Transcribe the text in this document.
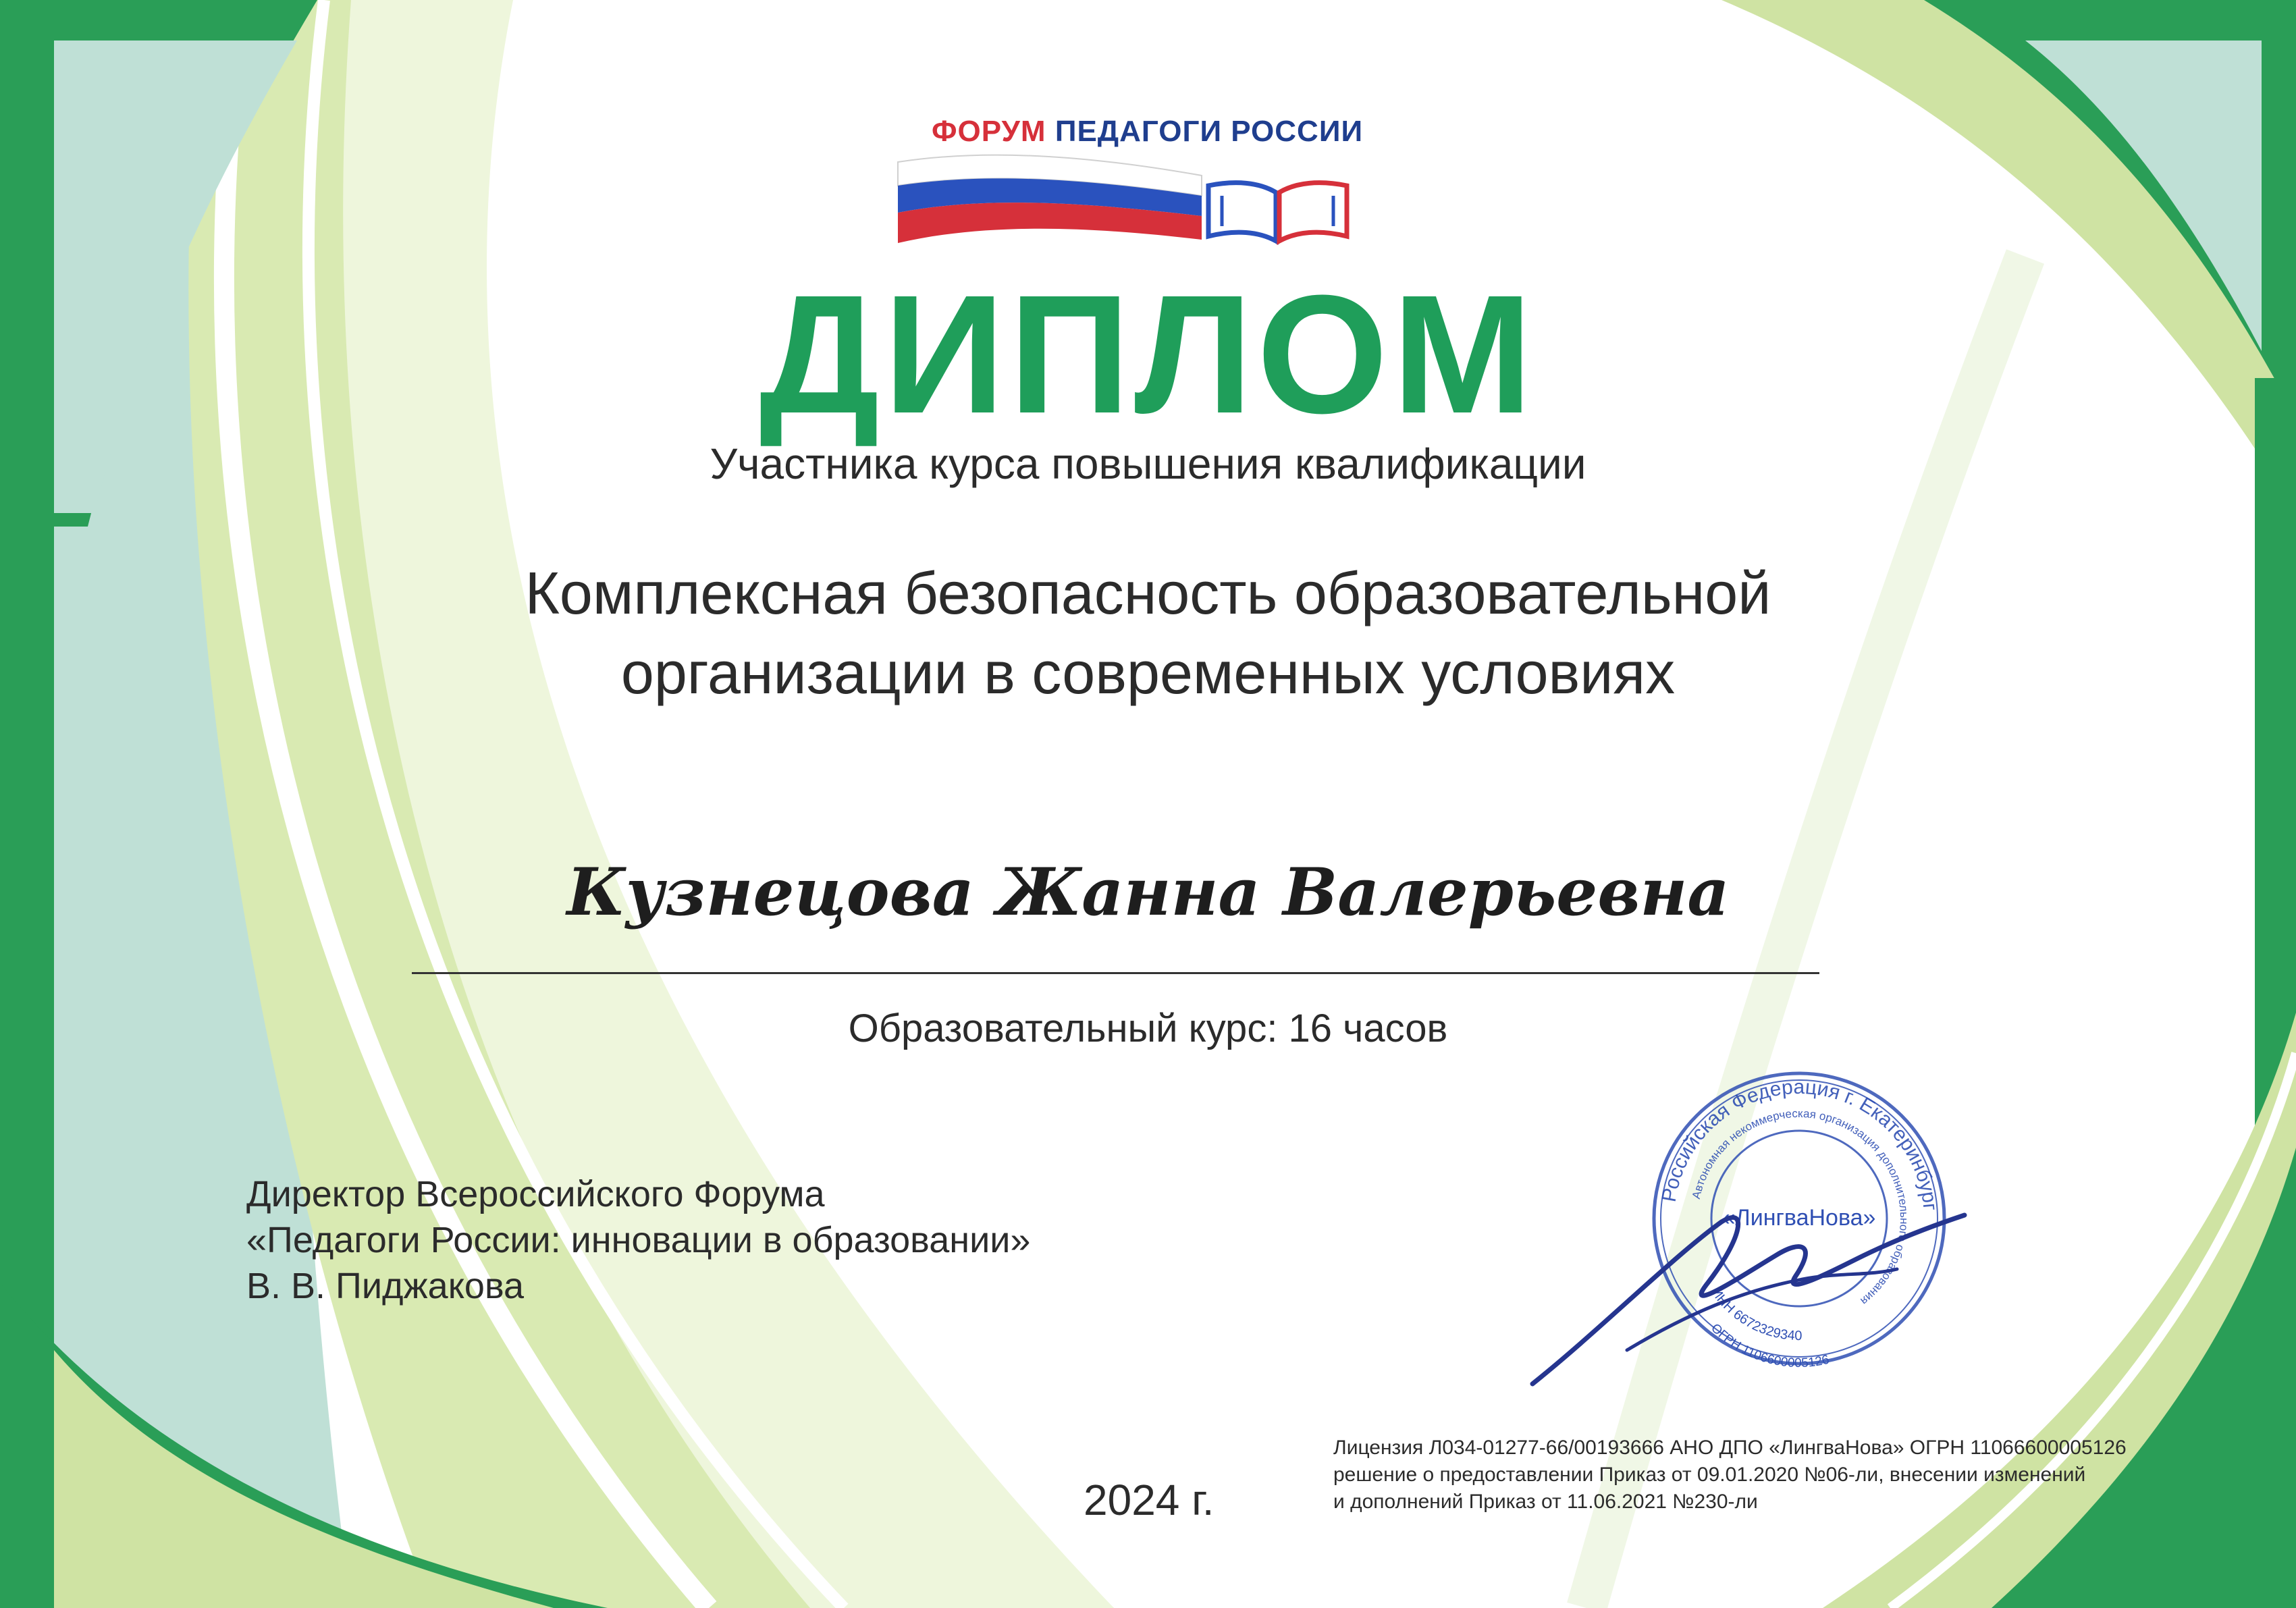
ФОРУМ ПЕДАГОГИ РОССИИ
ДИПЛОМ
Участника курса повышения квалификации
Комплексная безопасность образовательной
организации в современных условиях
Кузнецова Жанна Валерьевна
Образовательный курс: 16 часов
Директор Всероссийского Форума
«Педагоги России: инновации в образовании»
В. В. Пиджакова
Российская Федерация г. Екатеринбург
Автономная некоммерческая организация дополнительного образования
«ЛингваНова»
ИНН 6672329340
ОГРН 1106600005126
2024 г.
Лицензия Л034-01277-66/00193666 АНО ДПО «ЛингваНова» ОГРН 11066600005126
решение о предоставлении Приказ от 09.01.2020 №06-ли, внесении изменений
и дополнений Приказ от 11.06.2021 №230-ли
